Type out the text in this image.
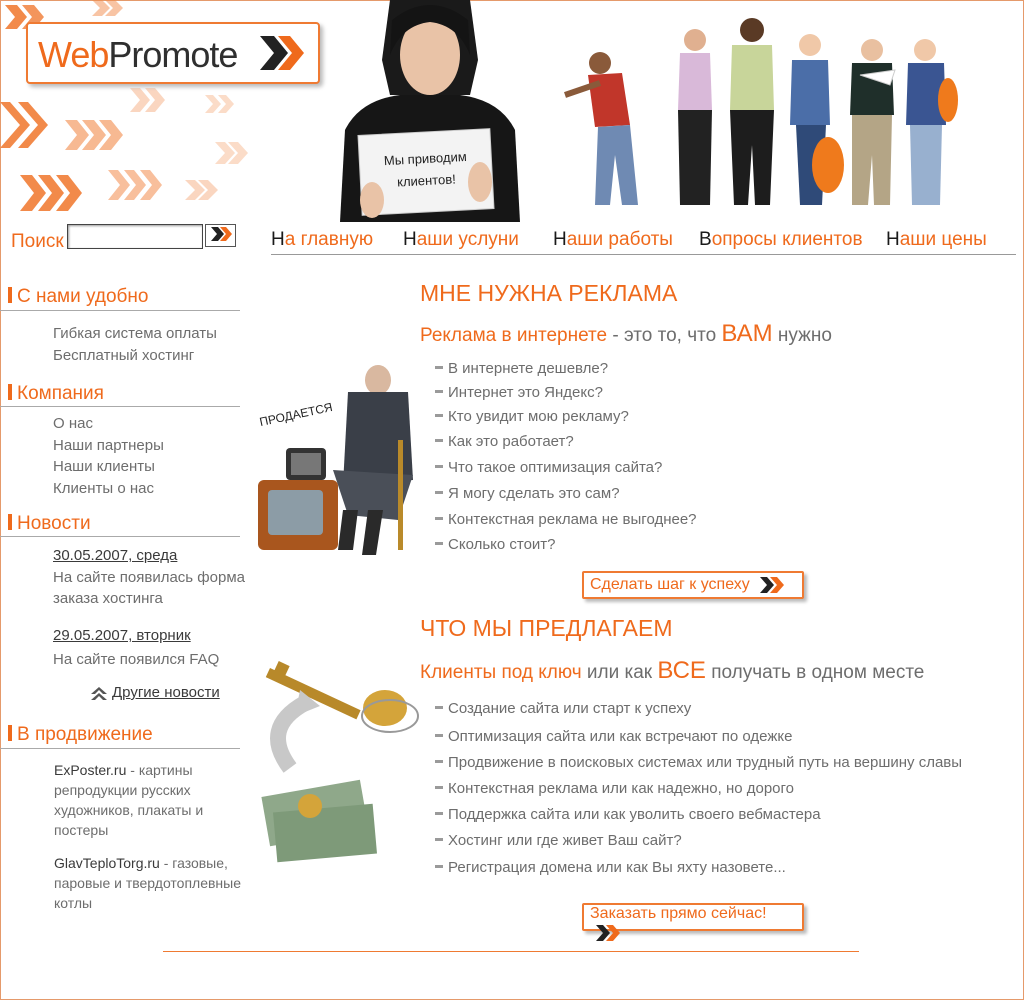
WebPromote
Мы приводим
клиентов!
Поиск	На главную Наши услуни Наши работы Вопросы клиентов Наши цены
С нами удобно
Гибкая система оплаты
Бесплатный хостинг
Компания
О нас
Наши партнеры
Наши клиенты
Клиенты о нас
Новости
30.05.2007, среда
На сайте появилась форма заказа хостинга
29.05.2007, вторник
На сайте появился FAQ
Другие новости
В продвижение
ExPoster.ru - картины репродукции русских художников, плакаты и постеры
GlavTeploTorg.ru - газовые, паровые и твердотоплевные котлы
ПРОДАЕТСЯ
МНЕ НУЖНА РЕКЛАМА
Реклама в интернете - это то, что ВАМ нужно
В интернете дешевле?
Интернет это Яндекс?
Кто увидит мою рекламу?
Как это работает?
Что такое оптимизация сайта?
Я могу сделать это сам?
Контекстная реклама не выгоднее?
Сколько стоит?
Сделать шаг к успеху
ЧТО МЫ ПРЕДЛАГАЕМ
Клиенты под ключ или как ВСЕ получать в одном месте
Создание сайта или старт к успеху
Оптимизация сайта или как встречают по одежке
Продвижение в поисковых системах или трудный путь на вершину славы
Контекстная реклама или как надежно, но дорого
Поддержка сайта или как уволить своего вебмастера
Хостинг или где живет Ваш сайт?
Регистрация домена или как Вы яхту назовете...
Заказать прямо сейчас!
